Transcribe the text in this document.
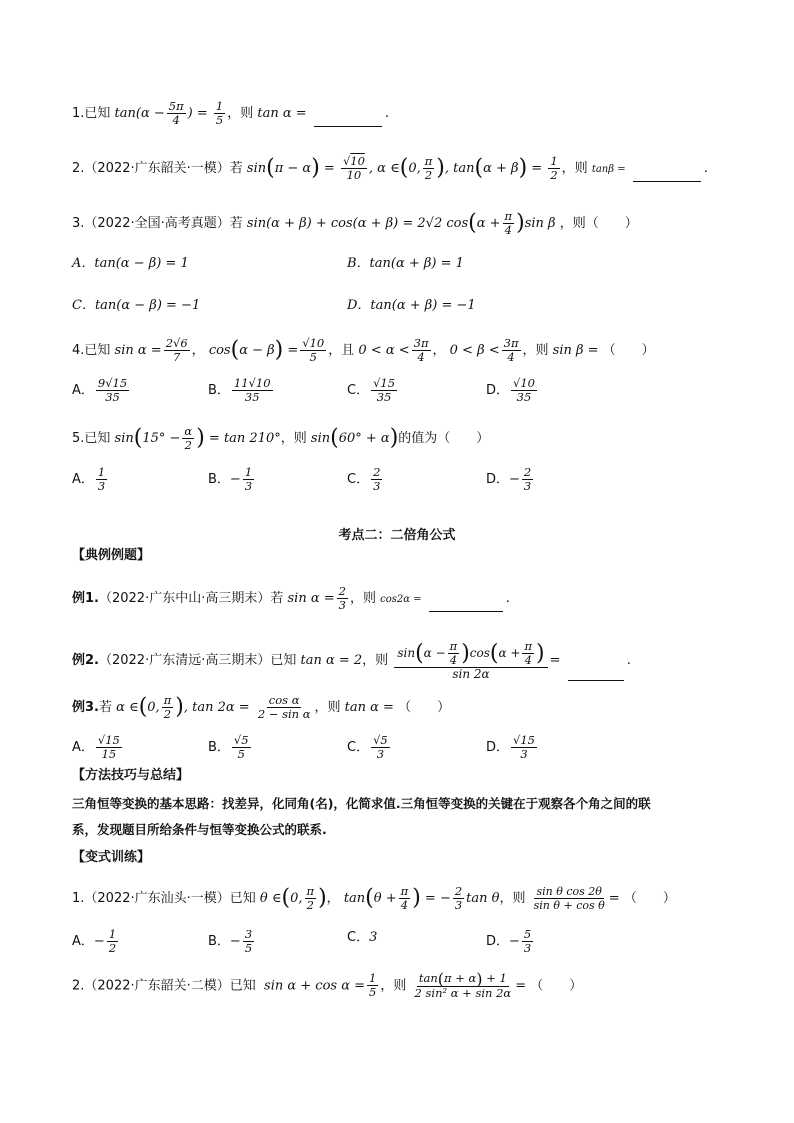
1.已知 $\tan(\alpha - \frac{5\pi}{4}$ ) = $\frac{1}{5}$ ，则 tan α =	.
2.（2022·广东韶关·一模）若 $\sin(\pi - \alpha) = \frac{√10}{10}$ , α ∈(0, $\frac{\pi}{2}$ ), $\tan(\alpha + \beta) = \frac{1}{2}$ ，则 tanβ =	.
3.（2022·全国·高考真题）若 sin(α + β) + cos(α + β) = 2√2 $\cos(\alpha + \frac{\pi}{4} )\sin$ β ，则（　　）
A．tan(α − β) = 1	B．tan(α + β) = 1
C．tan(α − β) = −1	D．tan(α + β) = −1
4.已知 $\sin \alpha = \frac{2√6}{7}$ ， $\cos(\alpha - \beta) = \frac{√10}{5}$ ，且 $0 < \alpha < \frac{3\pi}{4}$ ， $0 < \beta < \frac{3\pi}{4}$ ，则 sin β = （　　）
A． $\frac{9√15}{35}$	B． $\frac{11√10}{35}$	C． $\frac{√15}{35}$	D． $\frac{√10}{35}$
5.已知 $\sin(15^\circ - \frac{\alpha}{2}$ ) = tan 210°，则 sin(60° + α)的值为（　　）
A． $\frac{1}{3}$	B．− $\frac{1}{3}$	C． $\frac{2}{3}$	D．− $\frac{2}{3}$
考点二：二倍角公式
【典例例题】
例1.（2022·广东中山·高三期末）若 $\sin \alpha = \frac{2}{3}$ ，则 cos2α =	.
例2.（2022·广东清远·高三期末）已知 tan α = 2，则 $\frac{\sin(\alpha - \frac{\pi}{4} )\cos(\alpha + \frac{\pi}{4} )}{\sin 2\alpha}$ =	.
例3.若 α ∈(0, $\frac{\pi}{2}$ ), $\tan 2\alpha = \frac{\text{cos α}}{\text{2 − sin α}}$ ，则 tan α = （　　）
A． $\frac{√15}{15}$	B． $\frac{√5}{5}$	C． $\frac{√5}{3}$	D． $\frac{√15}{3}$
【方法技巧与总结】
三角恒等变换的基本思路：找差异，化同角(名)，化简求值.三角恒等变换的关键在于观察各个角之间的联
系，发现题目所给条件与恒等变换公式的联系.
【变式训练】
1.（2022·广东汕头·一模）已知 θ ∈(0, $\frac{\pi}{2}$ )， $\tan(\theta + \frac{\pi}{4}$ ) = − $\frac{2}{3}$ tan θ，则 $\frac{\text{sin θ cos 2θ}}{\text{sin θ + cos θ}}$ = （　　）
A．− $\frac{1}{2}$	B．− $\frac{3}{5}$	C．3	D．− $\frac{5}{3}$
2.（2022·广东韶关·二模）已知  $\sin \alpha + \cos \alpha = \frac{1}{5}$ ，则 $\frac{\tan(\pi + \alpha) + 1}{\text{2 sin² α + sin 2α}}$ = （　　）
